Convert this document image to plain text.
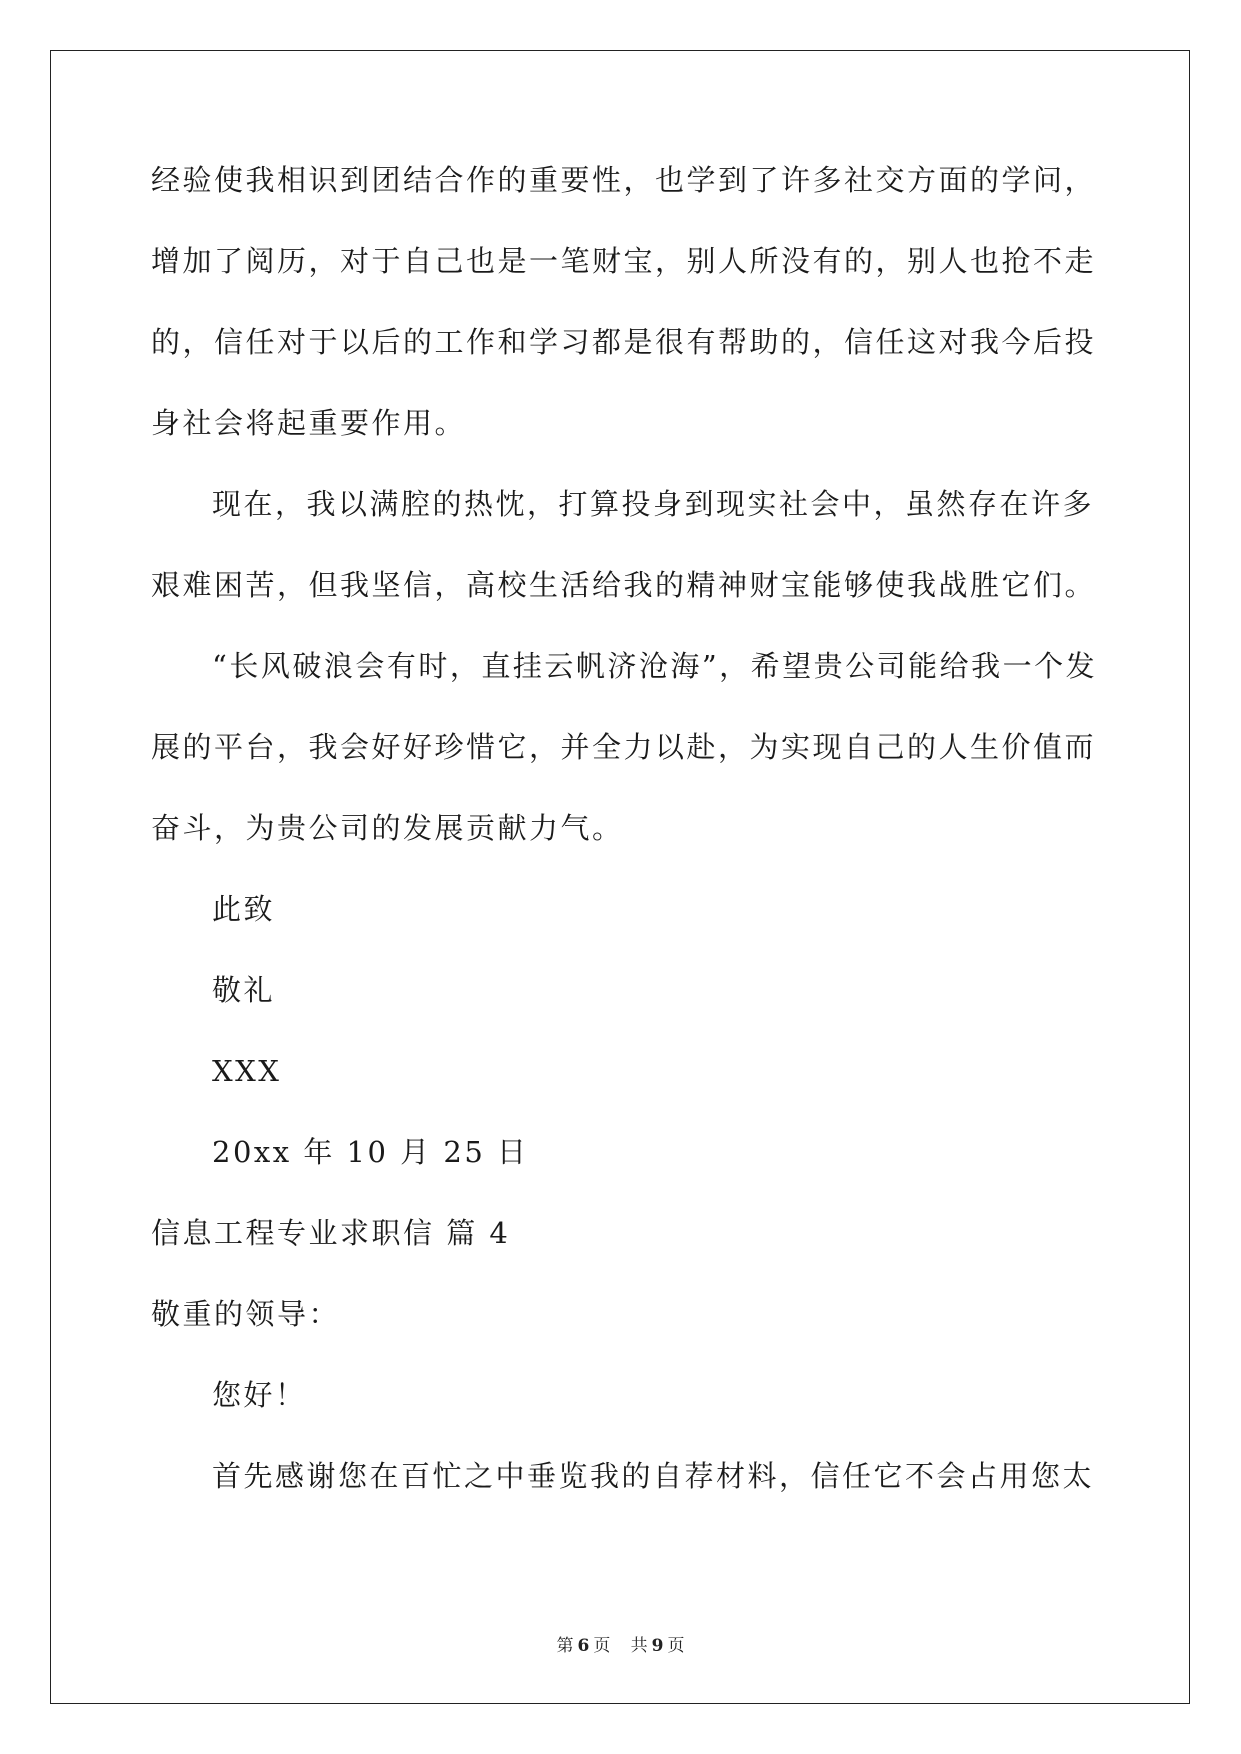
经验使我相识到团结合作的重要性，也学到了许多社交方面的学问，
增加了阅历，对于自己也是一笔财宝，别人所没有的，别人也抢不走
的，信任对于以后的工作和学习都是很有帮助的，信任这对我今后投
身社会将起重要作用。
现在，我以满腔的热忱，打算投身到现实社会中，虽然存在许多
艰难困苦，但我坚信，高校生活给我的精神财宝能够使我战胜它们。
“长风破浪会有时，直挂云帆济沧海”，希望贵公司能给我一个发
展的平台，我会好好珍惜它，并全力以赴，为实现自己的人生价值而
奋斗，为贵公司的发展贡献力气。
此致
敬礼
XXX
20xx 年 10 月 25 日
信息工程专业求职信 篇 4
敬重的领导：
您好！
首先感谢您在百忙之中垂览我的自荐材料，信任它不会占用您太
第 6 页 共 9 页
